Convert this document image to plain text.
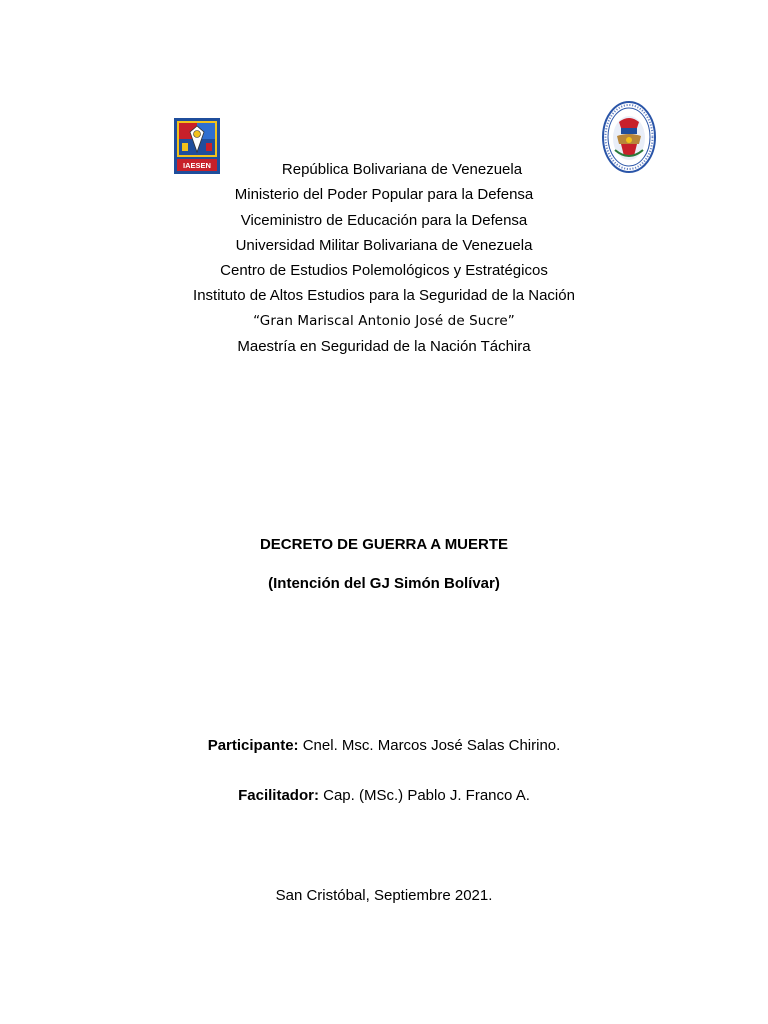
IAESEN	República Bolivariana de Venezuela
Ministerio del Poder Popular para la Defensa
Viceministro de Educación para la Defensa
Universidad Militar Bolivariana de Venezuela
Centro de Estudios Polemológicos y Estratégicos
Instituto de Altos Estudios para la Seguridad de la Nación
“Gran Mariscal Antonio José de Sucre”
Maestría en Seguridad de la Nación Táchira
DECRETO DE GUERRA A MUERTE
(Intención del GJ Simón Bolívar)
Participante: Cnel. Msc. Marcos José Salas Chirino.
Facilitador: Cap. (MSc.) Pablo J. Franco A.
San Cristóbal, Septiembre 2021.
